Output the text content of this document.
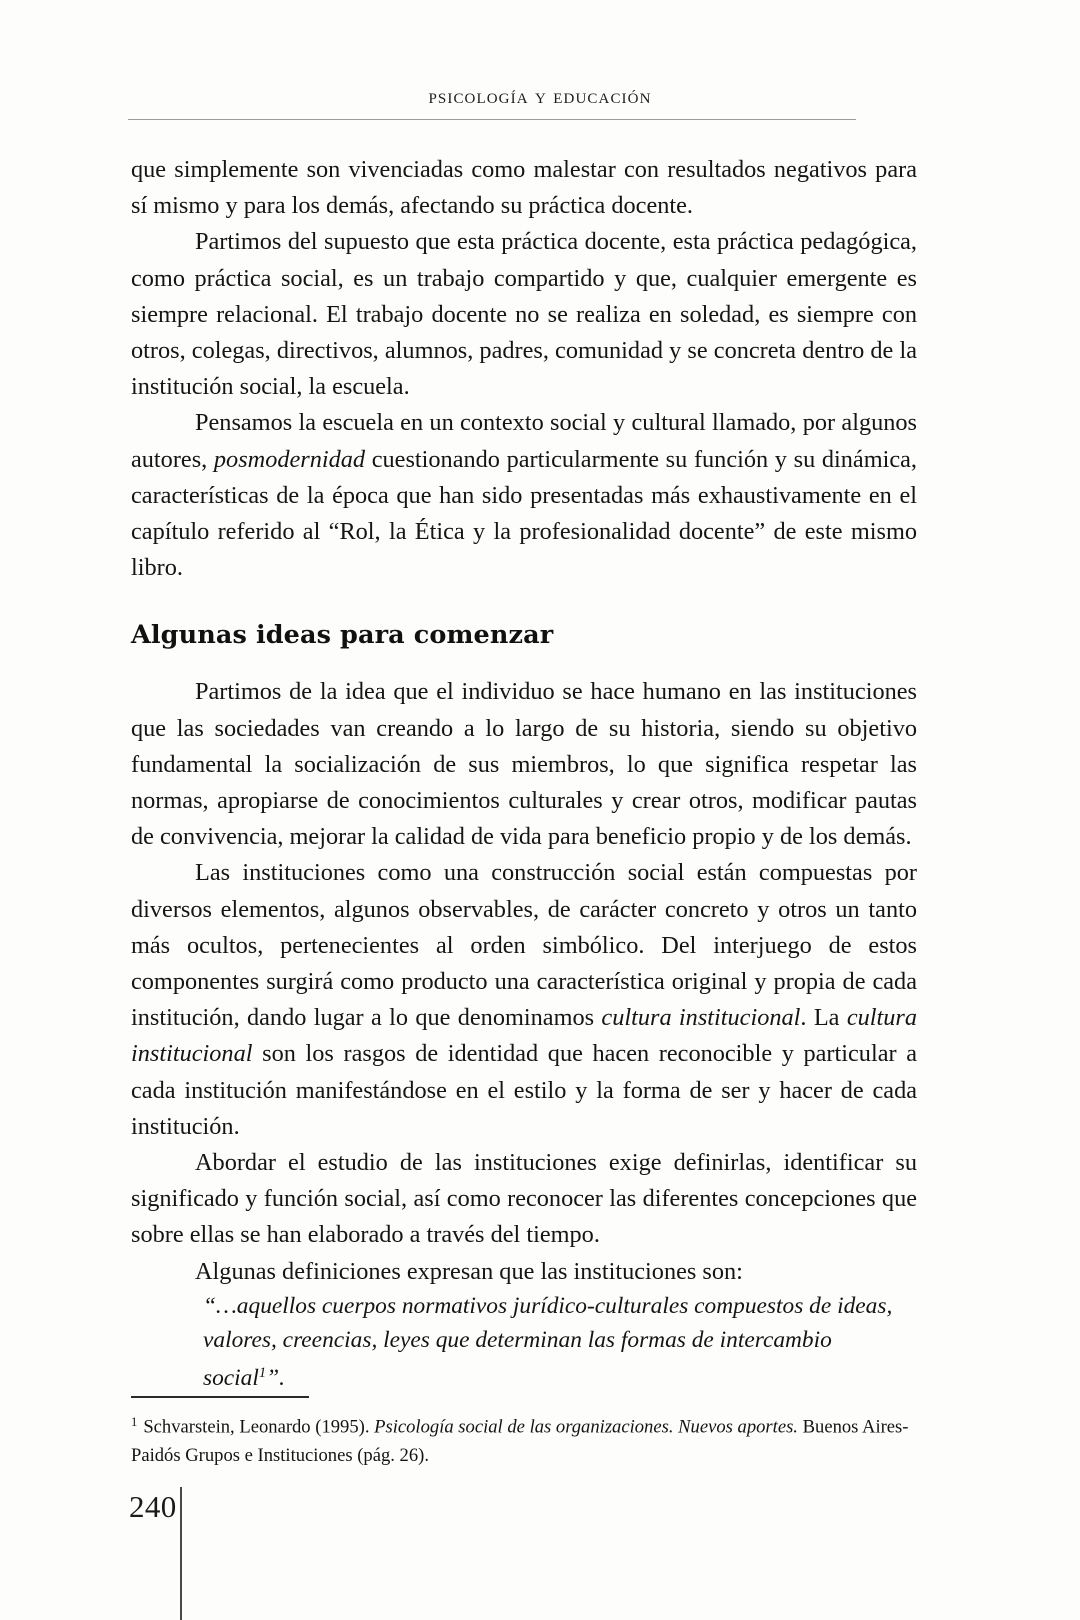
psicología y educación

que simplemente son vivenciadas como malestar con resultados negativos para sí mismo y para los demás, afectando su práctica docente.

Partimos del supuesto que esta práctica docente, esta práctica pedagógica, como práctica social, es un trabajo compartido y que, cualquier emergente es siempre relacional. El trabajo docente no se realiza en soledad, es siempre con otros, colegas, directivos, alumnos, padres, comunidad y se concreta dentro de la institución social, la escuela.

Pensamos la escuela en un contexto social y cultural llamado, por algunos autores, posmodernidad cuestionando particularmente su función y su dinámica, características de la época que han sido presentadas más exhaustivamente en el capítulo referido al “Rol, la Ética y la profesionalidad docente” de este mismo libro.

Algunas ideas para comenzar

Partimos de la idea que el individuo se hace humano en las instituciones que las sociedades van creando a lo largo de su historia, siendo su objetivo fundamental la socialización de sus miembros, lo que significa respetar las normas, apropiarse de conocimientos culturales y crear otros, modificar pautas de convivencia, mejorar la calidad de vida para beneficio propio y de los demás.

Las instituciones como una construcción social están compuestas por diversos elementos, algunos observables, de carácter concreto y otros un tanto más ocultos, pertenecientes al orden simbólico. Del interjuego de estos componentes surgirá como producto una característica original y propia de cada institución, dando lugar a lo que denominamos cultura institucional. La cultura institucional son los rasgos de identidad que hacen reconocible y particular a cada institución manifestándose en el estilo y la forma de ser y hacer de cada institución.

Abordar el estudio de las instituciones exige definirlas, identificar su significado y función social, así como reconocer las diferentes concepciones que sobre ellas se han elaborado a través del tiempo.

Algunas definiciones expresan que las instituciones son:

“…aquellos cuerpos normativos jurídico-culturales compuestos de ideas, valores, creencias, leyes que determinan las formas de intercambio social$^1$”.

$^1$ Schvarstein, Leonardo (1995). Psicología social de las organizaciones. Nuevos aportes. Buenos Aires-Paidós Grupos e Instituciones (pág. 26).
240
